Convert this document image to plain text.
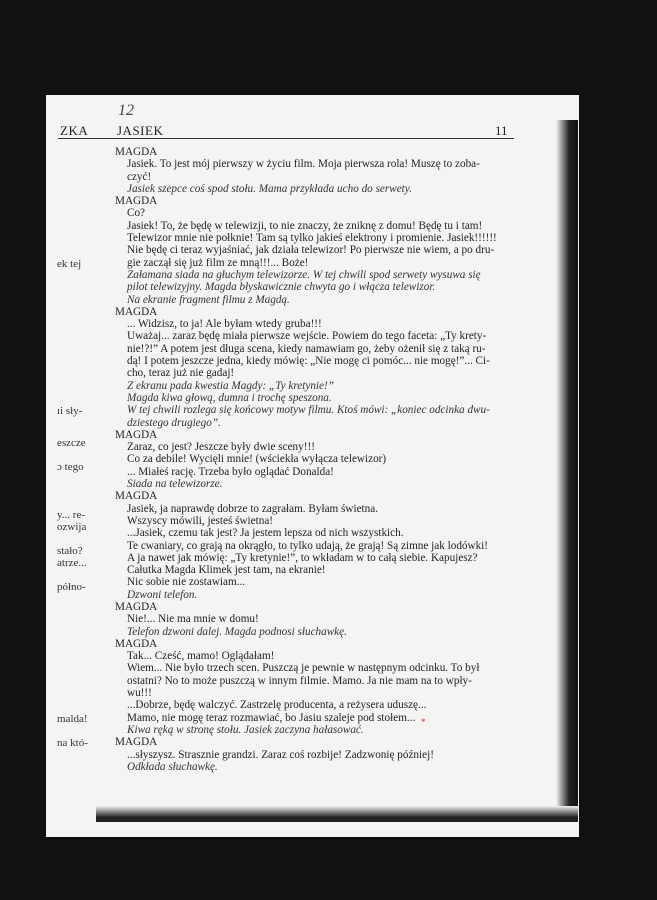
12
ZKA JASIEK	11
ek tej
ıi sły-
eszcze
ɔ tego
y... re-
ozwija
stało?
atrze...
półno-
malda!
na któ-
MAGDA
Jasiek. To jest mój pierwszy w życiu film. Moja pierwsza rola! Muszę to zoba-
czyć!
Jasiek szepce coś spod stołu. Mama przykłada ucho do serwety.
MAGDA
Co?
Jasiek! To, że będę w telewizji, to nie znaczy, że zniknę z domu! Będę tu i tam!
Telewizor mnie nie połknie! Tam są tylko jakieś elektrony i promienie. Jasiek!!!!!!
Nie będę ci teraz wyjaśniać, jak działa telewizor! Po pierwsze nie wiem, a po dru-
gie zaczął się już film ze mną!!!... Boże!
Załamana siada na głuchym telewizorze. W tej chwili spod serwety wysuwa się
pilot telewizyjny. Magda błyskawicznie chwyta go i włącza telewizor.
Na ekranie fragment filmu z Magdą.
MAGDA
... Widzisz, to ja! Ale byłam wtedy gruba!!!
Uważaj... zaraz będę miała pierwsze wejście. Powiem do tego faceta: „Ty krety-
nie!?!” A potem jest długa scena, kiedy namawiam go, żeby ożenił się z taką ru-
dą! I potem jeszcze jedna, kiedy mówię: „Nie mogę ci pomóc... nie mogę!”... Ci-
cho, teraz już nie gadaj!
Z ekranu pada kwestia Magdy: „Ty kretynie!”
Magda kiwa głową, dumna i trochę speszona.
W tej chwili rozlega się końcowy motyw filmu. Ktoś mówi: „koniec odcinka dwu-
dziestego drugiego”.
MAGDA
Zaraz, co jest? Jeszcze były dwie sceny!!!
Co za debile! Wycięli mnie! (wściekła wyłącza telewizor)
... Miałeś rację. Trzeba było oglądać Donalda!
Siada na telewizorze.
MAGDA
Jasiek, ja naprawdę dobrze to zagrałam. Byłam świetna.
Wszyscy mówili, jesteś świetna!
...Jasiek, czemu tak jest? Ja jestem lepsza od nich wszystkich.
Te cwaniary, co grają na okrągło, to tylko udają, że grają! Są zimne jak lodówki!
A ja nawet jak mówię: „Ty kretynie!”, to wkładam w to całą siebie. Kapujesz?
Całutka Magda Klimek jest tam, na ekranie!
Nic sobie nie zostawiam...
Dzwoni telefon.
MAGDA
Nie!... Nie ma mnie w domu!
Telefon dzwoni dalej. Magda podnosi słuchawkę.
MAGDA
Tak... Cześć, mamo! Oglądałam!
Wiem... Nie było trzech scen. Puszczą je pewnie w następnym odcinku. To był
ostatni? No to może puszczą w innym filmie. Mamo. Ja nie mam na to wpły-
wu!!!
...Dobrze, będę walczyć. Zastrzelę producenta, a reżysera uduszę...
Mamo, nie mogę teraz rozmawiać, bo Jasiu szaleje pod stołem...
Kiwa ręką w stronę stołu. Jasiek zaczyna hałasować.
MAGDA
...słyszysz. Strasznie grandzi. Zaraz coś rozbije! Zadzwonię później!
Odkłada słuchawkę.
*
